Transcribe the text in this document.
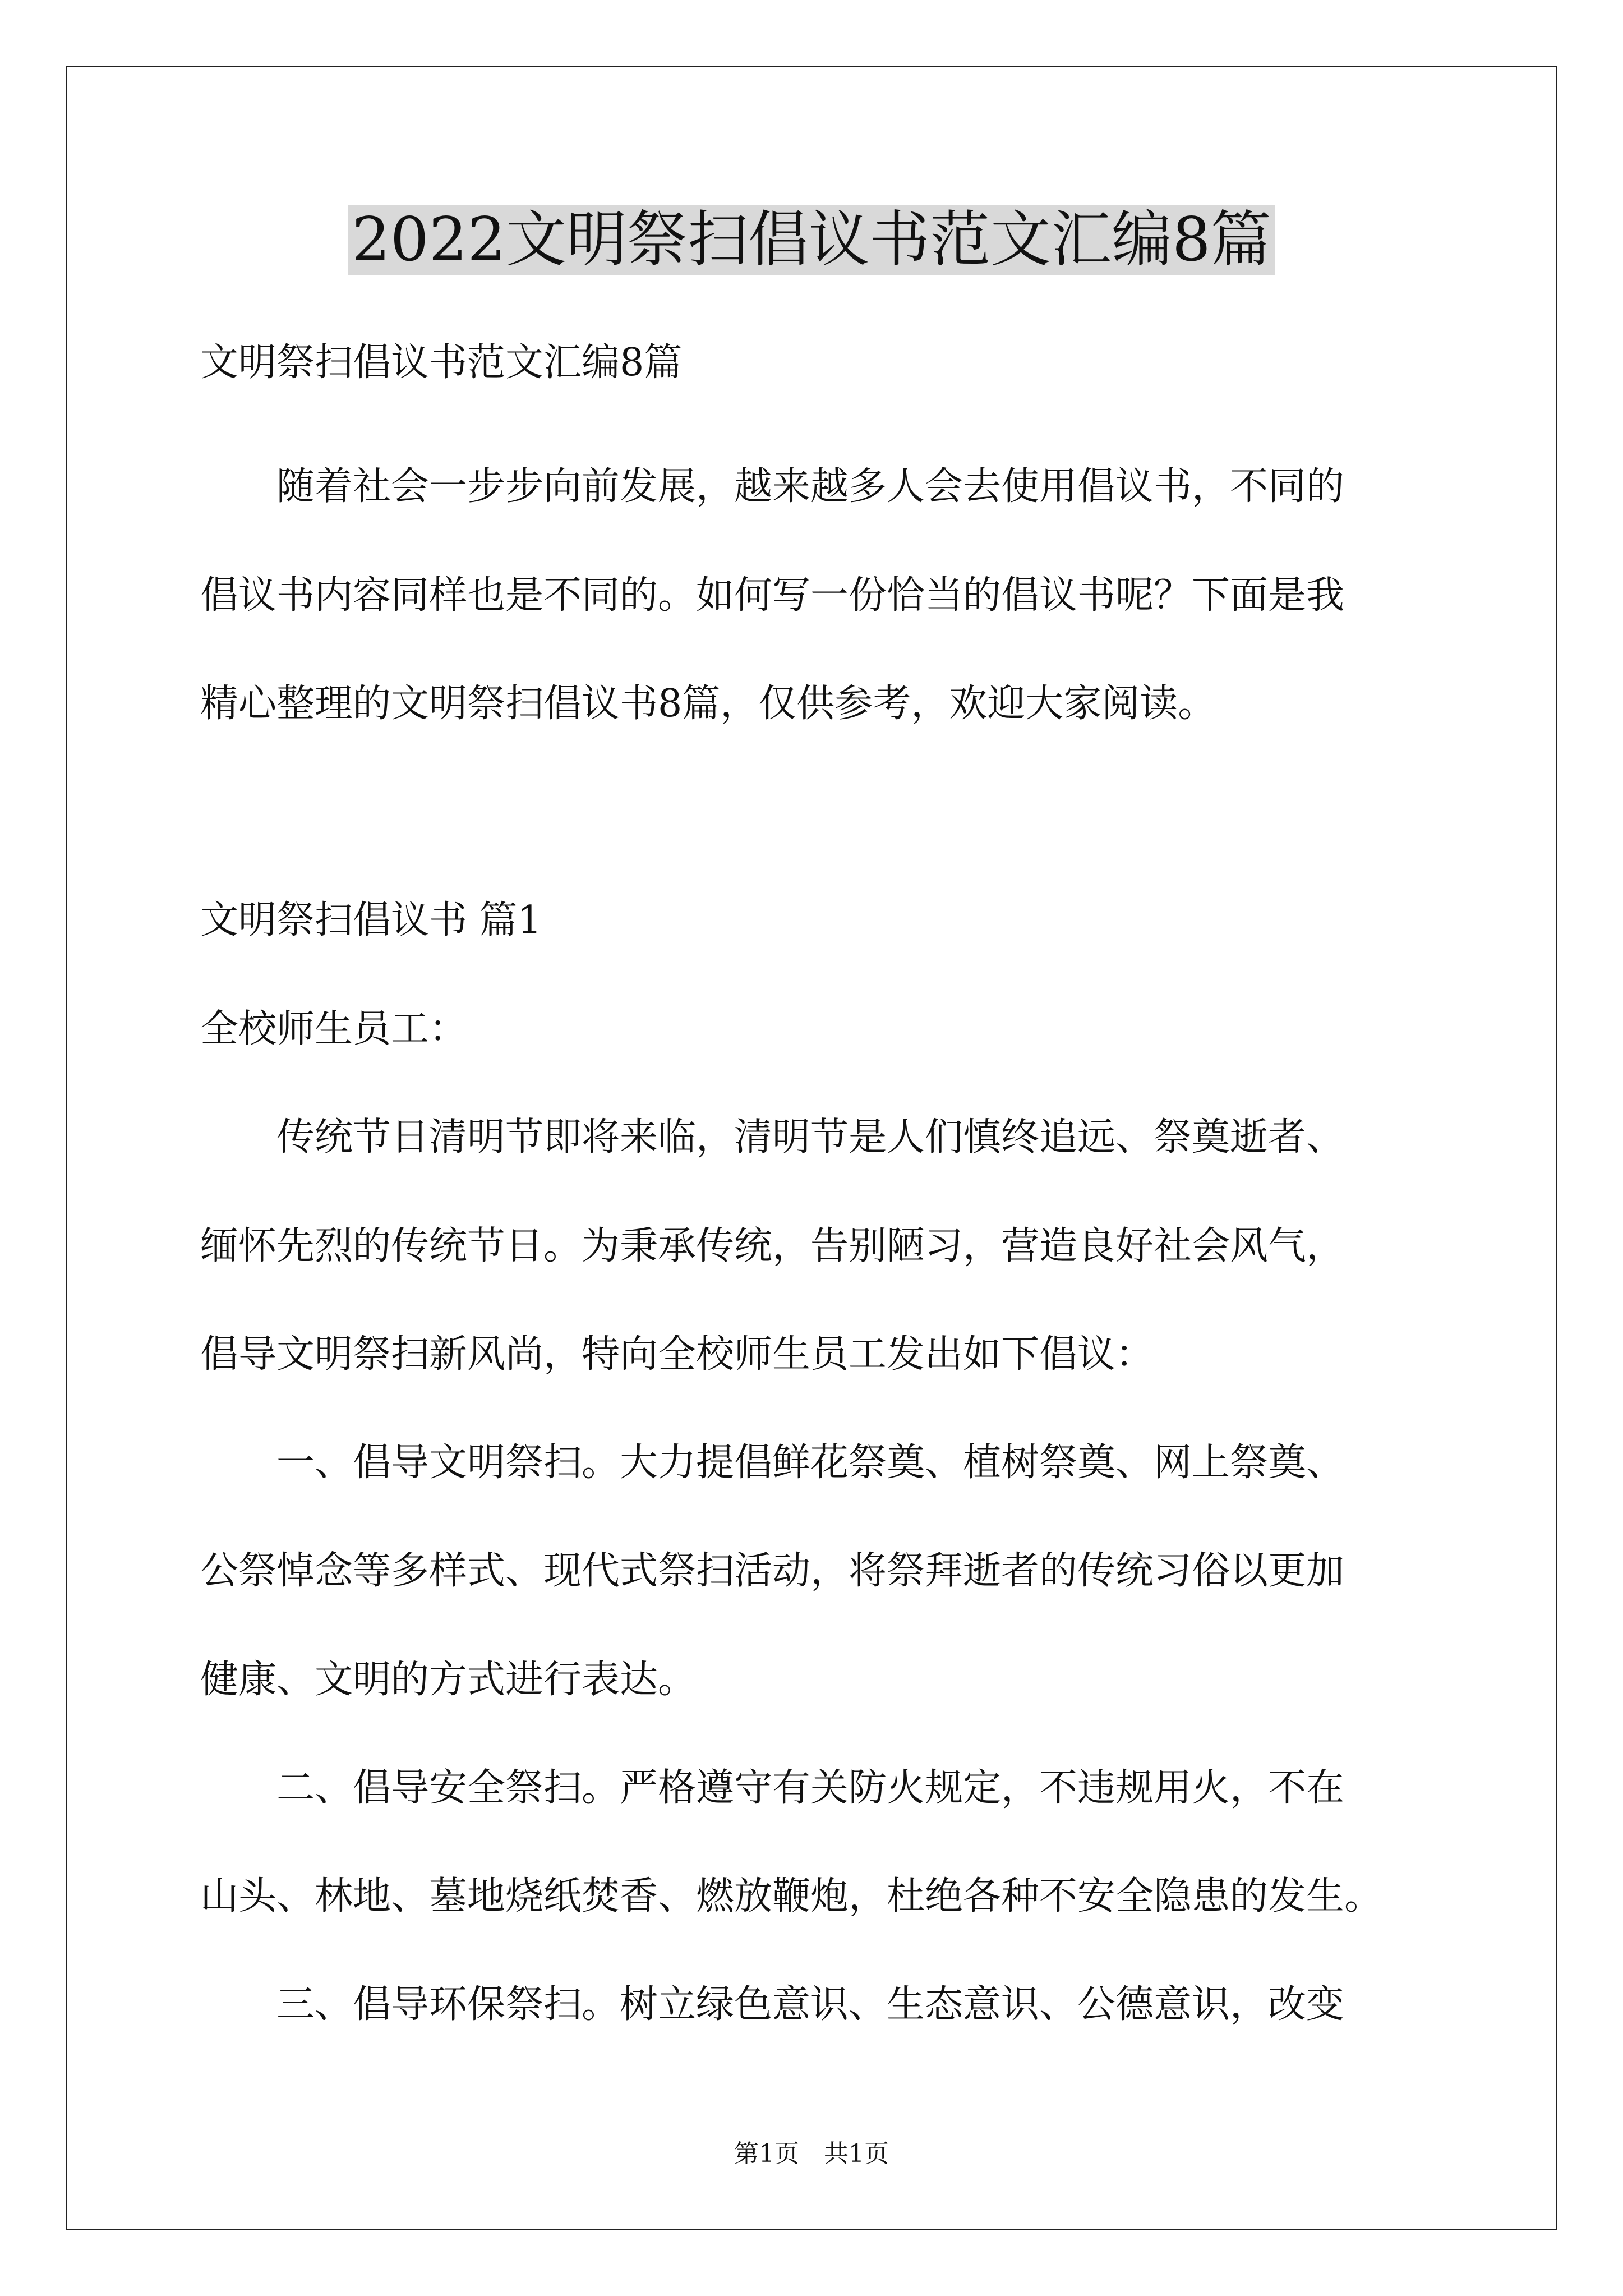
2022文明祭扫倡议书范文汇编8篇
文明祭扫倡议书范文汇编8篇
　　随着社会一步步向前发展，越来越多人会去使用倡议书，不同的
倡议书内容同样也是不同的。如何写一份恰当的倡议书呢？下面是我
精心整理的文明祭扫倡议书8篇，仅供参考，欢迎大家阅读。
文明祭扫倡议书 篇1
全校师生员工：
　　传统节日清明节即将来临，清明节是人们慎终追远、祭奠逝者、
缅怀先烈的传统节日。为秉承传统，告别陋习，营造良好社会风气，
倡导文明祭扫新风尚，特向全校师生员工发出如下倡议：
　　一、倡导文明祭扫。大力提倡鲜花祭奠、植树祭奠、网上祭奠、
公祭悼念等多样式、现代式祭扫活动，将祭拜逝者的传统习俗以更加
健康、文明的方式进行表达。
　　二、倡导安全祭扫。严格遵守有关防火规定，不违规用火，不在
山头、林地、墓地烧纸焚香、燃放鞭炮，杜绝各种不安全隐患的发生。
　　三、倡导环保祭扫。树立绿色意识、生态意识、公德意识，改变
第1页　共1页
